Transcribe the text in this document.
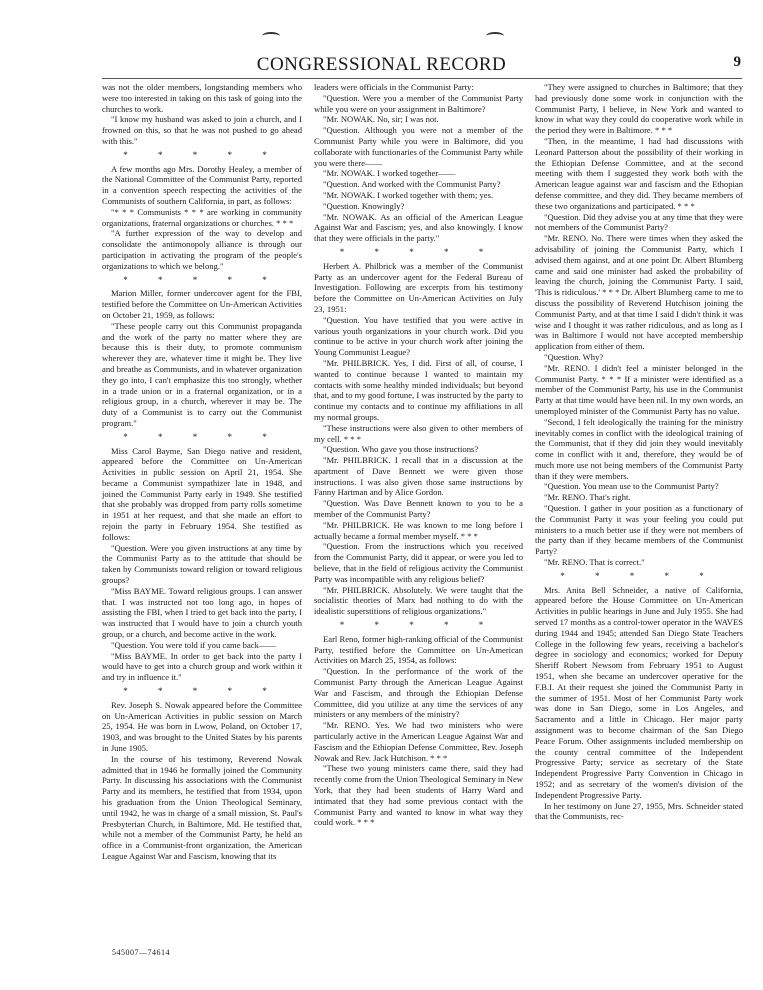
CONGRESSIONAL RECORD	9

was not the older members, longstanding members who were too interested in taking on this task of going into the churches to work.

"I know my husband was asked to join a church, and I frowned on this, so that he was not pushed to go ahead with this."

* * * * *

A few months ago Mrs. Dorothy Healey, a member of the National Committee of the Communist Party, reported in a convention speech respecting the activities of the Communists of southern California, in part, as follows:

"* * * Communists * * * are working in community organizations, fraternal organizations or churches. * * *

"A further expression of the way to develop and consolidate the antimonopoly alliance is through our participation in activating the program of the people's organizations to which we belong."

* * * * *

Marion Miller, former undercover agent for the FBI, testified before the Committee on Un-American Activities on October 21, 1959, as follows:

"These people carry out this Communist propaganda and the work of the party no matter where they are because this is their duty, to promote communism wherever they are, whatever time it might be. They live and breathe as Communists, and in whatever organization they go into, I can't emphasize this too strongly, whether in a trade union or in a fraternal organization, or in a religious group, in a church, wherever it may be. The duty of a Communist is to carry out the Communist program."

* * * * *

Miss Carol Bayme, San Diego native and resident, appeared before the Committee on Un-American Activities in public session on April 21, 1954. She became a Communist sympathizer late in 1948, and joined the Communist Party early in 1949. She testified that she probably was dropped from party rolls sometime in 1951 at her request, and that she made an effort to rejoin the party in February 1954. She testified as follows:

"Question. Were you given instructions at any time by the Communist Party as to the attitude that should be taken by Communists toward religion or toward religious groups?

"Miss BAYME. Toward religious groups. I can answer that. I was instructed not too long ago, in hopes of assisting the FBI, when I tried to get back into the party, I was instructed that I would have to join a church youth group, or a church, and become active in the work.

"Question. You were told if you came back——

"Miss BAYME. In order to get back into the party I would have to get into a church group and work within it and try in influence it."

* * * * *

Rev. Joseph S. Nowak appeared before the Committee on Un-American Activities in public session on March 25, 1954. He was born in Lwow, Poland, on October 17, 1903, and was brought to the United States by his parents in June 1905.

In the course of his testimony, Reverend Nowak admitted that in 1946 he formally joined the Community Party. In discussing his associations with the Communist Party and its members, he testified that from 1934, upon his graduation from the Union Theological Seminary, until 1942, he was in charge of a small mission, St. Paul's Presbyterian Church, in Baltimore, Md. He testified that, while not a member of the Communist Party, he held an office in a Communist-front organization, the American League Against War and Fascism, knowing that its

leaders were officials in the Communist Party:

"Question. Were you a member of the Communist Party while you were on your assignment in Baltimore?

"Mr. NOWAK. No, sir; I was not.

"Question. Although you were not a member of the Communist Party while you were in Baltimore, did you collaborate with functionaries of the Communist Party while you were there——

"Mr. NOWAK. I worked together——

"Question. And worked with the Communist Party?

"Mr. NOWAK. I worked together with them; yes.

"Question. Knowingly?

"Mr. NOWAK. As an official of the American League Against War and Fascism; yes, and also knowingly. I know that they were officials in the party."

* * * * *

Herbert A. Philbrick was a member of the Communist Party as an undercover agent for the Federal Bureau of Investigation. Following are excerpts from his testimony before the Committee on Un-American Activities on July 23, 1951:

"Question. You have testified that you were active in various youth organizations in your church work. Did you continue to be active in your church work after joining the Young Communist League?

"Mr. PHILBRICK. Yes, I did. First of all, of course, I wanted to continue because I wanted to maintain my contacts with some healthy minded individuals; but beyond that, and to my good fortune, I was instructed by the party to continue my contacts and to continue my affiliations in all my normal groups.

"These instructions were also given to other members of my cell. * * *

"Question. Who gave you those instructions?

"Mr. PHILBRICK. I recall that in a discussion at the apartment of Dave Bennett we were given those instructions. I was also given those same instructions by Fanny Hartman and by Alice Gordon.

"Question. Was Dave Bennett known to you to be a member of the Communist Party?

"Mr. PHILBRICK. He was known to me long before I actually became a formal member myself. * * *

"Question. From the instructions which you received from the Communist Party, did it appear, or were you led to believe, that in the field of religious activity the Communist Party was incompatible with any religious belief?

"Mr. PHILBRICK. Absolutely. We were taught that the socialistic theories of Marx had nothing to do with the idealistic superstitions of religious organizations."

* * * * *

Earl Reno, former high-ranking official of the Communist Party, testified before the Committee on Un-American Activities on March 25, 1954, as follows:

"Question. In the performance of the work of the Communist Party through the American League Against War and Fascism, and through the Ethiopian Defense Committee, did you utilize at any time the services of any ministers or any members of the ministry?

"Mr. RENO. Yes. We had two ministers who were particularly active in the American League Against War and Fascism and the Ethiopian Defense Committee, Rev. Joseph Nowak and Rev. Jack Hutchison. * * *

"These two young ministers came there, said they had recently come from the Union Theological Seminary in New York, that they had been students of Harry Ward and intimated that they had some previous contact with the Communist Party and wanted to know in what way they could work. * * *

"They were assigned to churches in Baltimore; that they had previously done some work in conjunction with the Communist Party, I believe, in New York and wanted to know in what way they could do cooperative work while in the period they were in Baltimore. * * *

"Then, in the meantime, I had had discussions with Leonard Patterson about the possibility of their working in the Ethiopian Defense Committee, and at the second meeting with them I suggested they work both with the American league against war and fascism and the Ethopian defense committee, and they did. They became members of these two organizations and participated. * * *

"Question. Did they advise you at any time that they were not members of the Communist Party?

"Mr. RENO. No. There were times when they asked the advisability of joining the Communist Party, which I advised them against, and at one point Dr. Albert Blumberg came and said one minister had asked the probability of leaving the church, joining the Communist Party. I said, 'This is ridiculous.' * * * Dr. Albert Blumberg came to me to discuss the possibility of Reverend Hutchison joining the Communist Party, and at that time I said I didn't think it was wise and I thought it was rather ridiculous, and as long as I was in Baltimore I would not have accepted membership application from either of them.

"Question. Why?

"Mr. RENO. I didn't feel a minister belonged in the Communist Party. * * * If a minister were identified as a member of the Communist Party, his use in the Communist Party at that time would have been nil. In my own words, an unemployed minister of the Communist Party has no value.

"Second, I felt ideologically the training for the ministry inevitably comes in conflict with the ideological training of the Communist, that if they did join they would inevitably come in conflict with it and, therefore, they would be of much more use not being members of the Communist Party than if they were members.

"Question. You mean use to the Communist Party?

"Mr. RENO. That's right.

"Question. I gather in your position as a functionary of the Communist Party it was your feeling you could put ministers to a much better use if they were not members of the party than if they became members of the Communist Party?

"Mr. RENO. That is correct."

* * * * *

Mrs. Anita Bell Schneider, a native of California, appeared before the House Committee on Un-American Activities in public hearings in June and July 1955. She had served 17 months as a control-tower operator in the WAVES during 1944 and 1945; attended San Diego State Teachers College in the following few years, receiving a bachelor's degree in sociology and economics; worked for Deputy Sheriff Robert Newsom from February 1951 to August 1951, when she became an undercover operative for the F.B.I. At their request she joined the Communist Party in the summer of 1951. Most of her Communist Party work was done in San Diego, some in Los Angeles, and Sacramento and a little in Chicago. Her major party assignment was to become chairman of the San Diego Peace Forum. Other assignments included membership on the county central committee of the Independent Progressive Party; service as secretary of the State Independent Progressive Party Convention in Chicago in 1952; and as secretary of the women's division of the Independent Progressive Party.

In her testimony on June 27, 1955, Mrs. Schneider stated that the Communists, rec-

545007—74614
